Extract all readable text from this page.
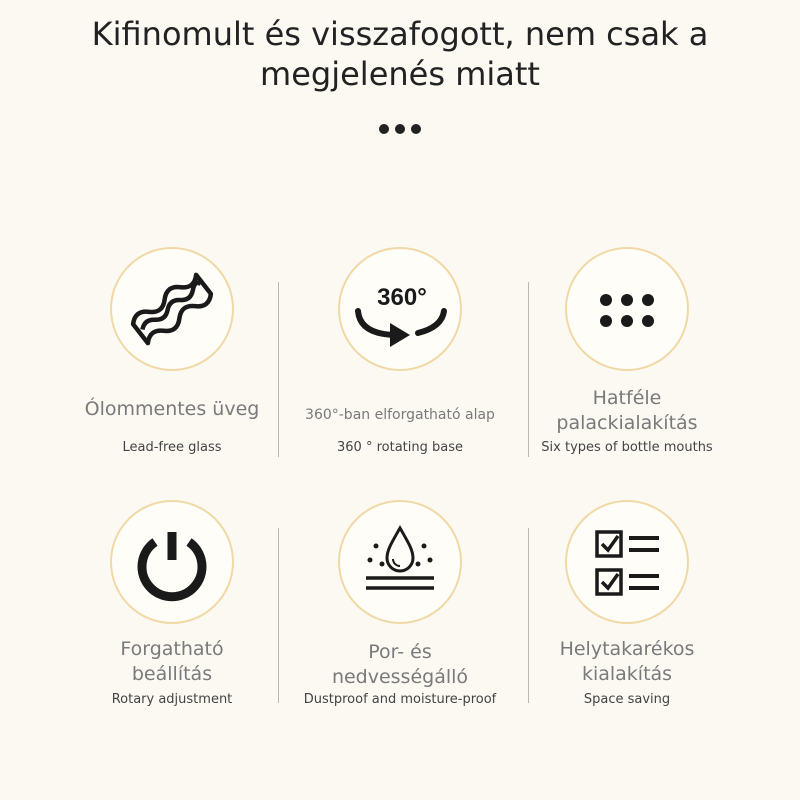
Kifinomult és visszafogott, nem csak a
megjelenés miatt
Ólommentes üveg
Lead-free glass
360°
360°-ban elforgatható alap
360 ° rotating base
Hatféle
palackialakítás
Six types of bottle mouths
Forgatható
beállítás
Rotary adjustment
Por- és
nedvességálló
Dustproof and moisture-proof
Helytakarékos
kialakítás
Space saving
